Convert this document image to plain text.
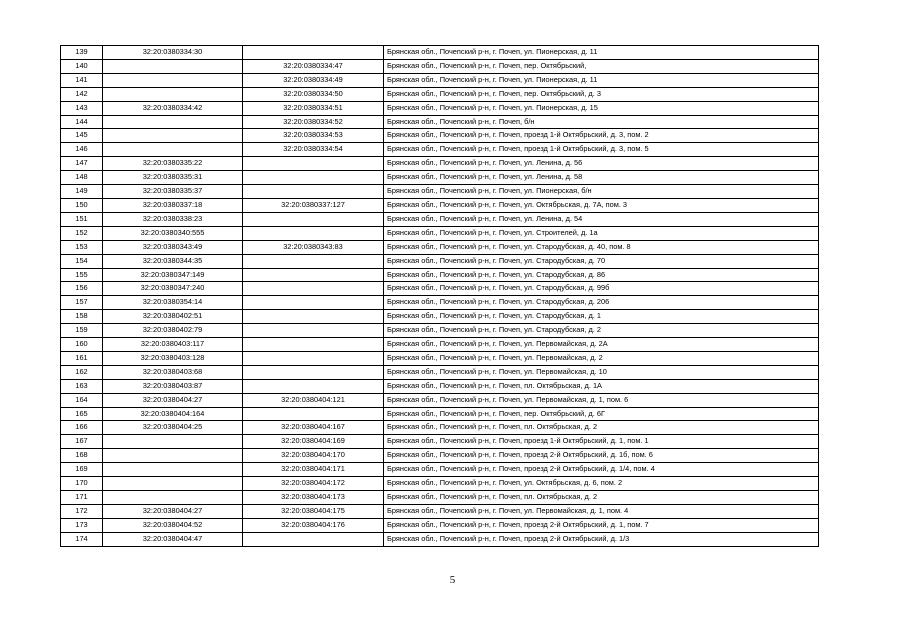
139	32:20:0380334:30		Брянская обл., Почепский р-н, г. Почеп, ул. Пионерская, д. 11
140		32:20:0380334:47	Брянская обл., Почепский р-н, г. Почеп, пер. Октябрьский,
141		32:20:0380334:49	Брянская обл., Почепский р-н, г. Почеп, ул. Пионерская, д. 11
142		32:20:0380334:50	Брянская обл., Почепский р-н, г. Почеп, пер. Октябрьский, д. 3
143	32:20:0380334:42	32:20:0380334:51	Брянская обл., Почепский р-н, г. Почеп, ул. Пионерская, д. 15
144		32:20:0380334:52	Брянская обл., Почепский р-н, г. Почеп, б/н
145		32:20:0380334:53	Брянская обл., Почепский р-н, г. Почеп, проезд 1-й Октябрьский, д. 3, пом. 2
146		32:20:0380334:54	Брянская обл., Почепский р-н, г. Почеп, проезд 1-й Октябрьский, д. 3, пом. 5
147	32:20:0380335:22		Брянская обл., Почепский р-н, г. Почеп, ул. Ленина, д. 56
148	32:20:0380335:31		Брянская обл., Почепский р-н, г. Почеп, ул. Ленина, д. 58
149	32:20:0380335:37		Брянская обл., Почепский р-н, г. Почеп, ул. Пионерская, б/н
150	32:20:0380337:18	32:20:0380337:127	Брянская обл., Почепский р-н, г. Почеп, ул. Октябрьская, д. 7А, пом. 3
151	32:20:0380338:23		Брянская обл., Почепский р-н, г. Почеп, ул. Ленина, д. 54
152	32:20:0380340:555		Брянская обл., Почепский р-н, г. Почеп, ул. Строителей, д. 1а
153	32:20:0380343:49	32:20:0380343:83	Брянская обл., Почепский р-н, г. Почеп, ул. Стародубская, д. 40, пом. 8
154	32:20:0380344:35		Брянская обл., Почепский р-н, г. Почеп, ул. Стародубская, д. 70
155	32:20:0380347:149		Брянская обл., Почепский р-н, г. Почеп, ул. Стародубская, д. 86
156	32:20:0380347:240		Брянская обл., Почепский р-н, г. Почеп, ул. Стародубская, д. 99б
157	32:20:0380354:14		Брянская обл., Почепский р-н, г. Почеп, ул. Стародубская, д. 206
158	32:20:0380402:51		Брянская обл., Почепский р-н, г. Почеп, ул. Стародубская, д. 1
159	32:20:0380402:79		Брянская обл., Почепский р-н, г. Почеп, ул. Стародубская, д. 2
160	32:20:0380403:117		Брянская обл., Почепский р-н, г. Почеп, ул. Первомайская, д. 2А
161	32:20:0380403:128		Брянская обл., Почепский р-н, г. Почеп, ул. Первомайская, д. 2
162	32:20:0380403:68		Брянская обл., Почепский р-н, г. Почеп, ул. Первомайская, д. 10
163	32:20:0380403:87		Брянская обл., Почепский р-н, г. Почеп, пл. Октябрьская, д. 1А
164	32:20:0380404:27	32:20:0380404:121	Брянская обл., Почепский р-н, г. Почеп, ул. Первомайская, д. 1, пом. 6
165	32:20:0380404:164		Брянская обл., Почепский р-н, г. Почеп, пер. Октябрьский, д. 6Г
166	32:20:0380404:25	32:20:0380404:167	Брянская обл., Почепский р-н, г. Почеп, пл. Октябрьская, д. 2
167		32:20:0380404:169	Брянская обл., Почепский р-н, г. Почеп, проезд 1-й Октябрьский, д. 1, пом. 1
168		32:20:0380404:170	Брянская обл., Почепский р-н, г. Почеп, проезд 2-й Октябрьский, д. 1б, пом. 6
169		32:20:0380404:171	Брянская обл., Почепский р-н, г. Почеп, проезд 2-й Октябрьский, д. 1/4, пом. 4
170		32:20:0380404:172	Брянская обл., Почепский р-н, г. Почеп, ул. Октябрьская, д. 6, пом. 2
171		32:20:0380404:173	Брянская обл., Почепский р-н, г. Почеп, пл. Октябрьская, д. 2
172	32:20:0380404:27	32:20:0380404:175	Брянская обл., Почепский р-н, г. Почеп, ул. Первомайская, д. 1, пом. 4
173	32:20:0380404:52	32:20:0380404:176	Брянская обл., Почепский р-н, г. Почеп, проезд 2-й Октябрьский, д. 1, пом. 7
174	32:20:0380404:47		Брянская обл., Почепский р-н, г. Почеп, проезд 2-й Октябрьский, д. 1/3
5
